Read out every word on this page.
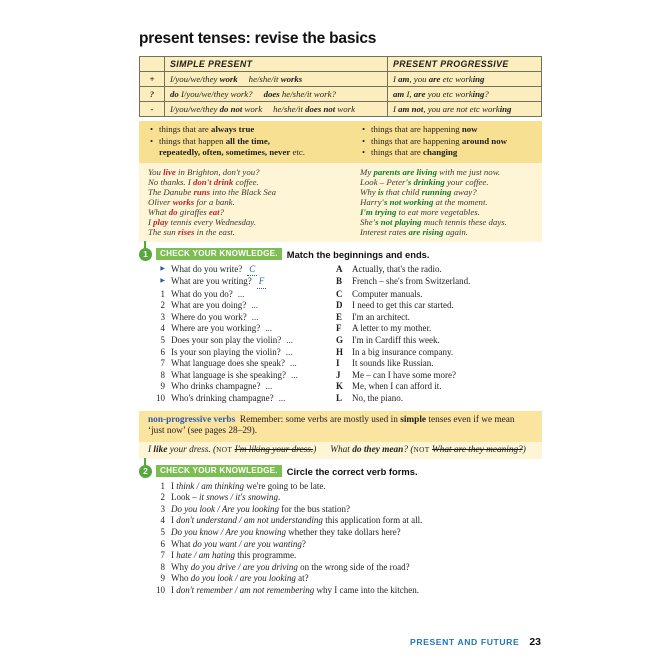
present tenses: revise the basics
	SIMPLE PRESENT	PRESENT PROGRESSIVE
+	I/you/we/they work     he/she/it works	I am, you are etc working
?	do I/you/we/they work?     does he/she/it work?	am I, are you etc working?
-	I/you/we/they do not work     he/she/it does not work	I am not, you are not etc working
• things that are always true
• things that happen all the time,
repeatedly, often, sometimes, never etc.
• things that are happening now
• things that are happening around now
• things that are changing
You live in Brighton, don't you?
No thanks. I don't drink coffee.
The Danube runs into the Black Sea
Oliver works for a bank.
What do giraffes eat?
I play tennis every Wednesday.
The sun rises in the east.
My parents are living with me just now.
Look – Peter's drinking your coffee.
Why is that child running away?
Harry's not working at the moment.
I'm trying to eat more vegetables.
She's not playing much tennis these days.
Interest rates are rising again.
1	CHECK YOUR KNOWLEDGE. Match the beginnings and ends.
▶ What do you write? C	A	Actually, that's the radio.
▶ What are you writing? F	B	French – she's from Switzerland.
1 What do you do? ...	C	Computer manuals.
2 What are you doing? ...	D	I need to get this car started.
3 Where do you work? ...	E	I'm an architect.
4 Where are you working? ...	F	A letter to my mother.
5 Does your son play the violin? ...	G I'm in Cardiff this week.
6 Is your son playing the violin? ...	H In a big insurance company.
7 What language does she speak? ...	I	It sounds like Russian.
8 What language is she speaking? ...	J	Me – can I have some more?
9 Who drinks champagne? ...	K Me, when I can afford it.
10 Who's drinking champagne? ...	L	No, the piano.
non-progressive verbs  Remember: some verbs are mostly used in simple tenses even if we mean ‘just now’ (see pages 28–29).
I like your dress. (NOT I'm liking your dress.)      What do they mean? (NOT What are they meaning?)
2	CHECK YOUR KNOWLEDGE. Circle the correct verb forms.
1 I think / am thinking we're going to be late.
2 Look – it snows / it's snowing.
3 Do you look / Are you looking for the bus station?
4 I don't understand / am not understanding this application form at all.
5 Do you know / Are you knowing whether they take dollars here?
6 What do you want / are you wanting?
7 I hate / am hating this programme.
8 Why do you drive / are you driving on the wrong side of the road?
9 Who do you look / are you looking at?
10 I don't remember / am not remembering why I came into the kitchen.
PRESENT AND FUTURE 23
